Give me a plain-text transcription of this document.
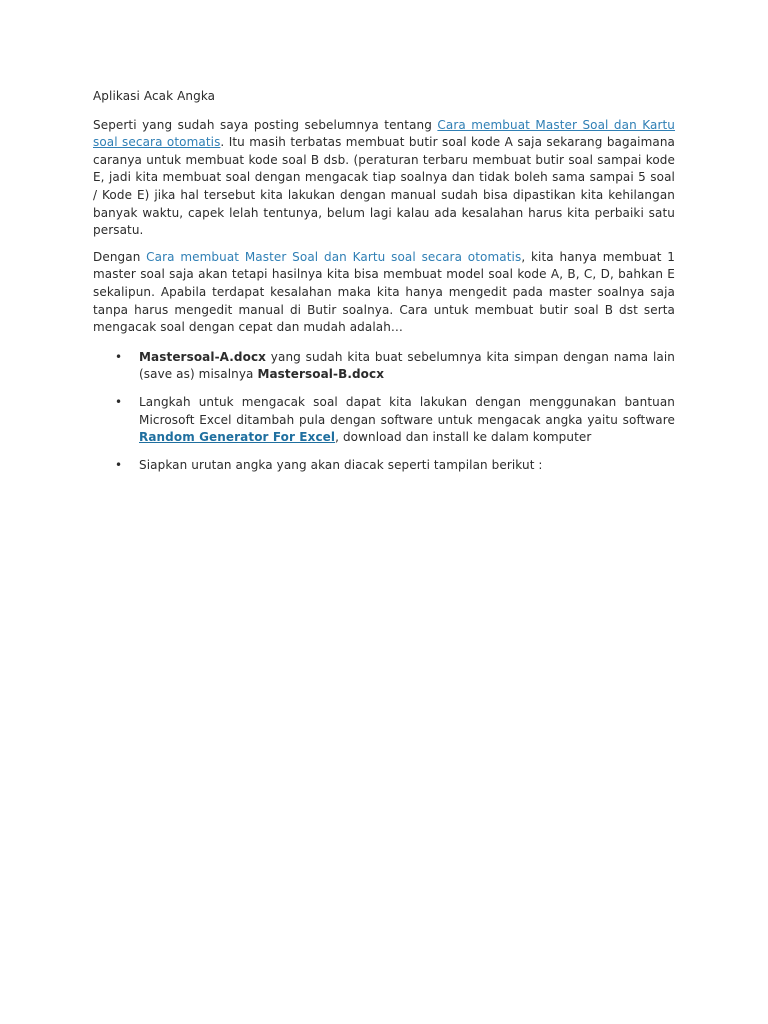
Aplikasi Acak Angka

Seperti yang sudah saya posting sebelumnya tentang Cara membuat Master Soal dan Kartu soal secara otomatis. Itu masih terbatas membuat butir soal kode A saja sekarang bagaimana caranya untuk membuat kode soal B dsb. (peraturan terbaru membuat butir soal sampai kode E, jadi kita membuat soal dengan mengacak tiap soalnya dan tidak boleh sama sampai 5 soal / Kode E) jika hal tersebut kita lakukan dengan manual sudah bisa dipastikan kita kehilangan banyak waktu, capek lelah tentunya, belum lagi kalau ada kesalahan harus kita perbaiki satu persatu.

Dengan Cara membuat Master Soal dan Kartu soal secara otomatis, kita hanya membuat 1 master soal saja akan tetapi hasilnya kita bisa membuat model soal kode A, B, C, D, bahkan E sekalipun. Apabila terdapat kesalahan maka kita hanya mengedit pada master soalnya saja tanpa harus mengedit manual di Butir soalnya. Cara untuk membuat butir soal B dst serta mengacak soal dengan cepat dan mudah adalah…

• Mastersoal-A.docx yang sudah kita buat sebelumnya kita simpan dengan nama lain (save as) misalnya Mastersoal-B.docx
• Langkah untuk mengacak soal dapat kita lakukan dengan menggunakan bantuan Microsoft Excel ditambah pula dengan software untuk mengacak angka yaitu software Random Generator For Excel, download dan install ke dalam komputer
• Siapkan urutan angka yang akan diacak seperti tampilan berikut :
